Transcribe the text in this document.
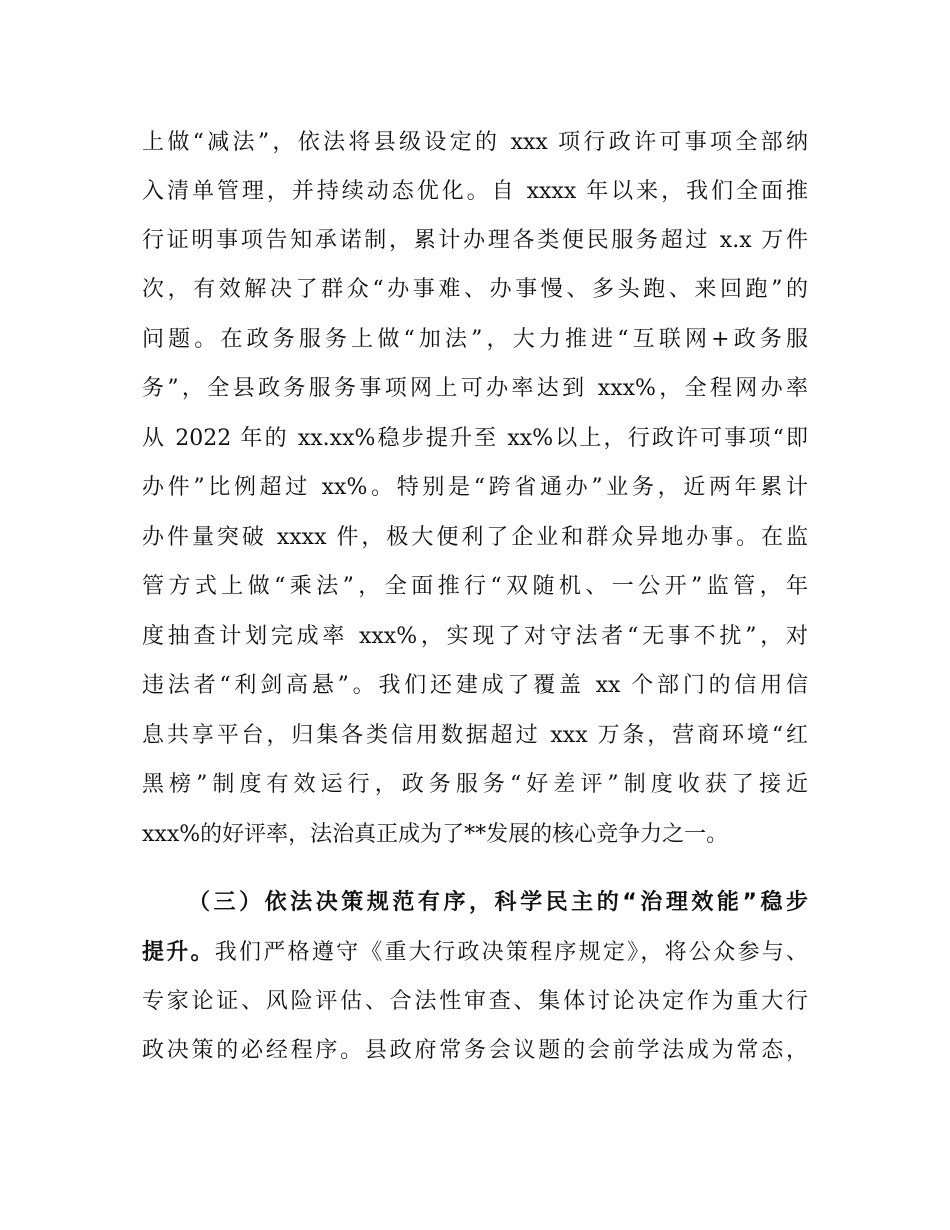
上做“减法”，依法将县级设定的 xxx 项行政许可事项全部纳
入清单管理，并持续动态优化。自 xxxx 年以来，我们全面推
行证明事项告知承诺制，累计办理各类便民服务超过 x.x 万件
次，有效解决了群众“办事难、办事慢、多头跑、来回跑”的
问题。在政务服务上做“加法”，大力推进“互联网+政务服
务”，全县政务服务事项网上可办率达到 xxx%，全程网办率
从 2022 年的 xx.xx%稳步提升至 xx%以上，行政许可事项“即
办件”比例超过 xx%。特别是“跨省通办”业务，近两年累计
办件量突破 xxxx 件，极大便利了企业和群众异地办事。在监
管方式上做“乘法”，全面推行“双随机、一公开”监管，年
度抽查计划完成率 xxx%，实现了对守法者“无事不扰”，对
违法者“利剑高悬”。我们还建成了覆盖 xx 个部门的信用信
息共享平台，归集各类信用数据超过 xxx 万条，营商环境“红
黑榜”制度有效运行，政务服务“好差评”制度收获了接近
xxx%的好评率，法治真正成为了**发展的核心竞争力之一。
（三）依法决策规范有序，科学民主的“治理效能”稳步
提升。我们严格遵守《重大行政决策程序规定》，将公众参与、
专家论证、风险评估、合法性审查、集体讨论决定作为重大行
政决策的必经程序。县政府常务会议题的会前学法成为常态，
